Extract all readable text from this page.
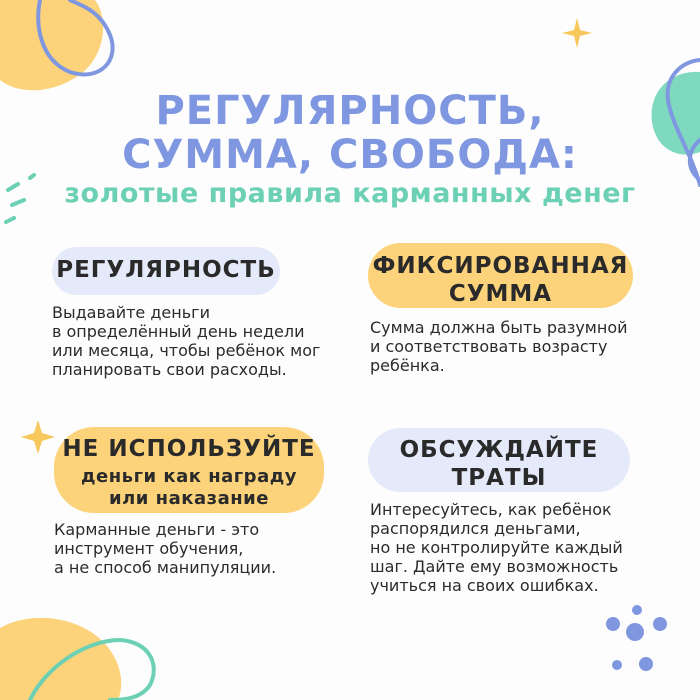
РЕГУЛЯРНОСТЬ,
СУММА, СВОБОДА:
золотые правила карманных денег
РЕГУЛЯРНОСТЬ
Выдавайте деньги
в определённый день недели
или месяца, чтобы ребёнок мог
планировать свои расходы.
ФИКСИРОВАННАЯ
СУММА
Сумма должна быть разумной
и соответствовать возрасту
ребёнка.
НЕ ИСПОЛЬЗУЙТЕ
деньги как награду
или наказание
Карманные деньги - это
инструмент обучения,
а не способ манипуляции.
ОБСУЖДАЙТЕ
ТРАТЫ
Интересуйтесь, как ребёнок
распорядился деньгами,
но не контролируйте каждый
шаг. Дайте ему возможность
учиться на своих ошибках.
